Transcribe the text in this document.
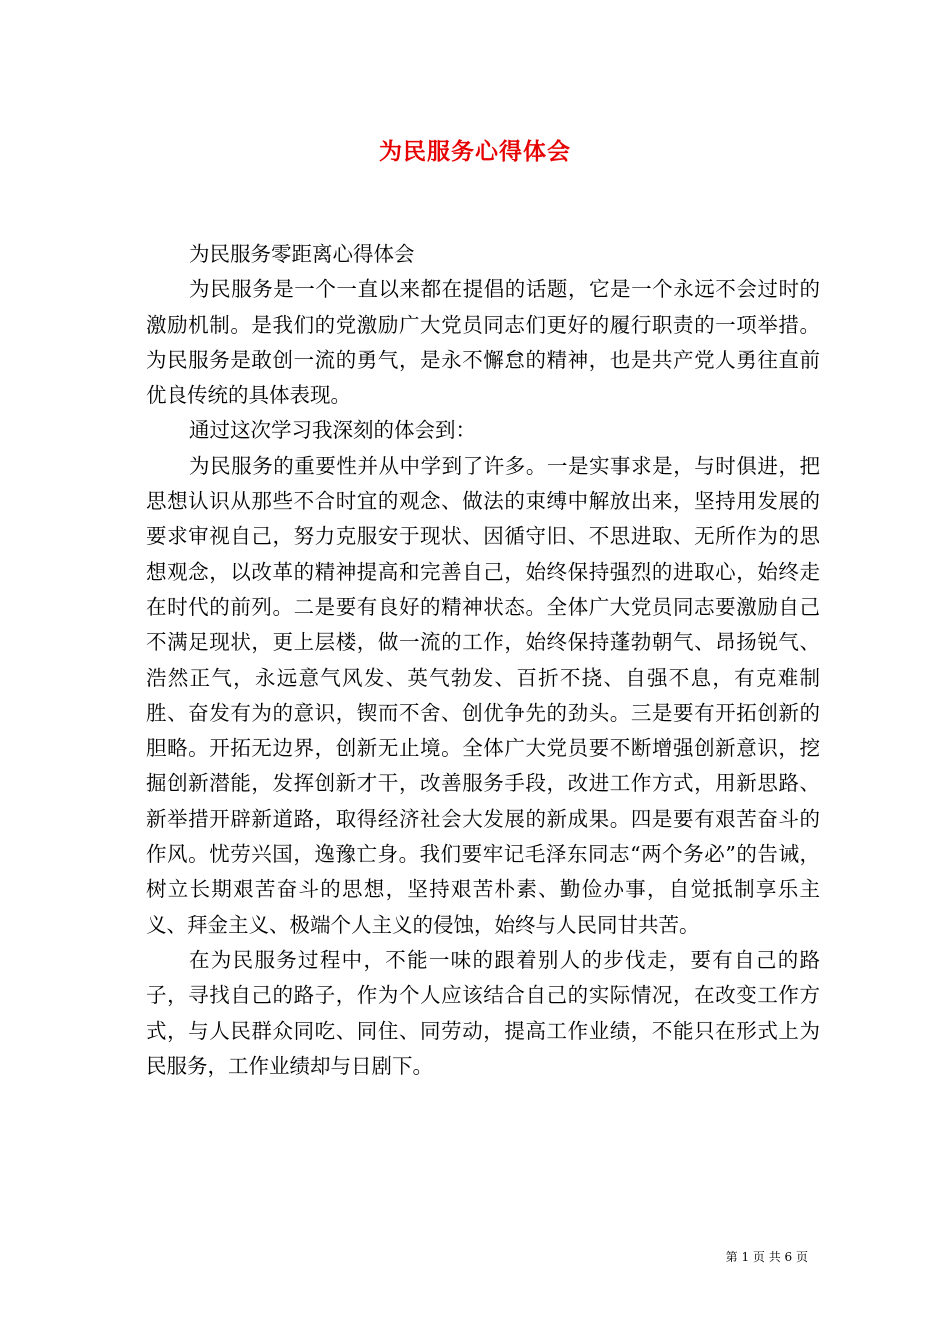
为民服务心得体会

为民服务零距离心得体会

为民服务是一个一直以来都在提倡的话题，它是一个永远不会过时的激励机制。是我们的党激励广大党员同志们更好的履行职责的一项举措。为民服务是敢创一流的勇气，是永不懈怠的精神，也是共产党人勇往直前优良传统的具体表现。

通过这次学习我深刻的体会到：

为民服务的重要性并从中学到了许多。一是实事求是，与时俱进，把思想认识从那些不合时宜的观念、做法的束缚中解放出来，坚持用发展的要求审视自己，努力克服安于现状、因循守旧、不思进取、无所作为的思想观念，以改革的精神提高和完善自己，始终保持强烈的进取心，始终走在时代的前列。二是要有良好的精神状态。全体广大党员同志要激励自己不满足现状，更上层楼，做一流的工作，始终保持蓬勃朝气、昂扬锐气、浩然正气，永远意气风发、英气勃发、百折不挠、自强不息，有克难制胜、奋发有为的意识，锲而不舍、创优争先的劲头。三是要有开拓创新的胆略。开拓无边界，创新无止境。全体广大党员要不断增强创新意识，挖掘创新潜能，发挥创新才干，改善服务手段，改进工作方式，用新思路、新举措开辟新道路，取得经济社会大发展的新成果。四是要有艰苦奋斗的作风。忧劳兴国，逸豫亡身。我们要牢记毛泽东同志“两个务必”的告诫，树立长期艰苦奋斗的思想，坚持艰苦朴素、勤俭办事，自觉抵制享乐主义、拜金主义、极端个人主义的侵蚀，始终与人民同甘共苦。

在为民服务过程中，不能一味的跟着别人的步伐走，要有自己的路子，寻找自己的路子，作为个人应该结合自己的实际情况，在改变工作方式，与人民群众同吃、同住、同劳动，提高工作业绩，不能只在形式上为民服务，工作业绩却与日剧下。

第 1 页 共 6 页
